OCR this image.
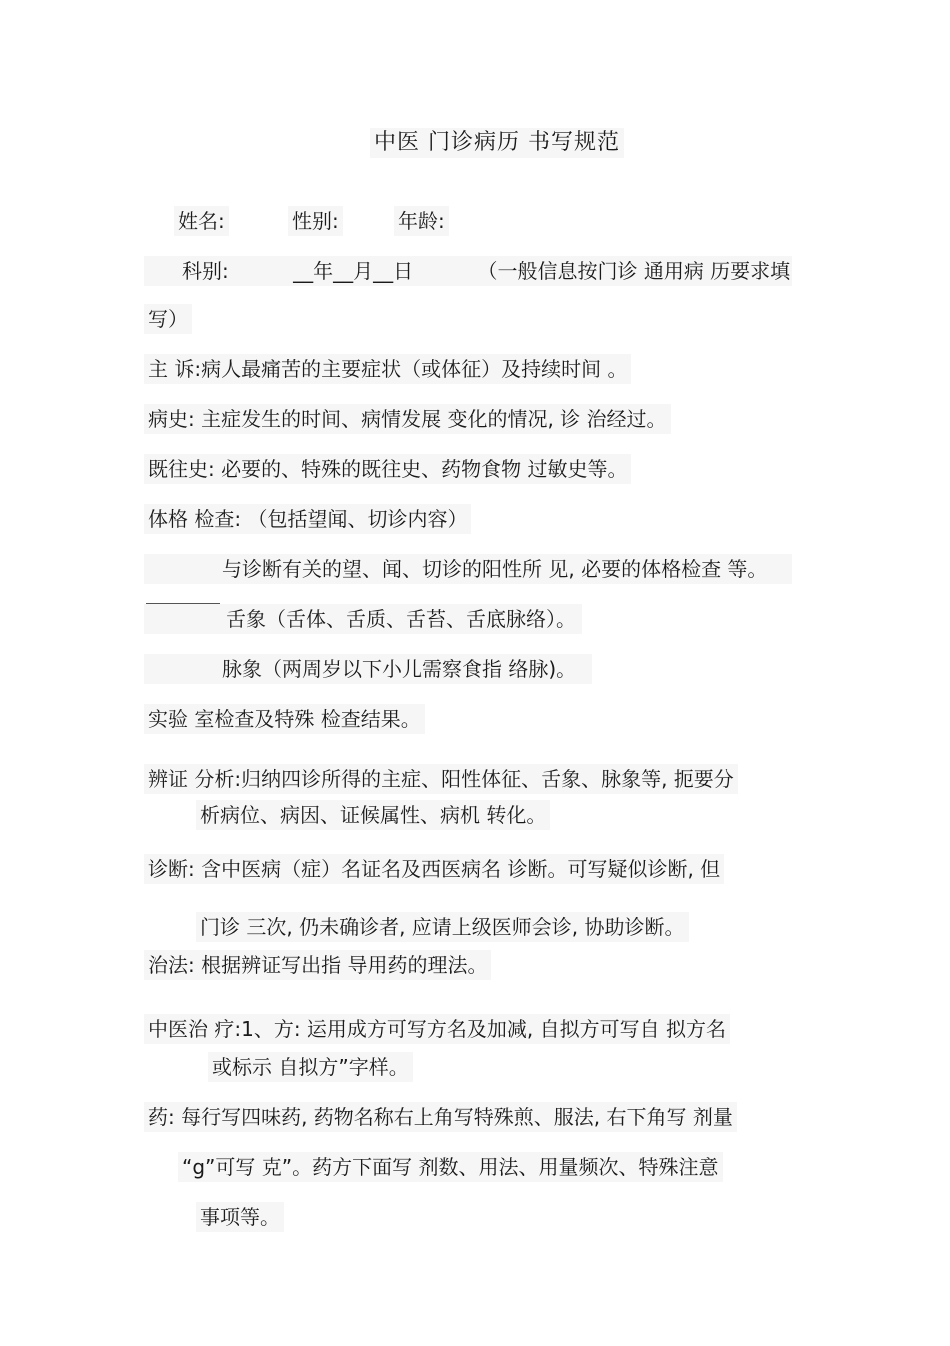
中医 门诊病历 书写规范
姓名:	性别:	年龄:
科别:	__年__月__日	（一般信息按门诊 通用病 历要求填
写）
主 诉:病人最痛苦的主要症状（或体征）及持续时间 。
病史: 主症发生的时间、病情发展 变化的情况, 诊 治经过。
既往史: 必要的、特殊的既往史、药物食物 过敏史等。
体格 检查: （包括望闻、切诊内容）
与诊断有关的望、闻、切诊的阳性所 见, 必要的体格检查 等。
舌象（舌体、舌质、舌苔、舌底脉络）。
脉象（两周岁以下小儿需察食指 络脉)。
实验 室检查及特殊 检查结果。
辨证 分析:归纳四诊所得的主症、阳性体征、舌象、脉象等, 扼要分
析病位、病因、证候属性、病机 转化。
诊断: 含中医病（症）名证名及西医病名 诊断。可写疑似诊断, 但
门诊 三次, 仍未确诊者, 应请上级医师会诊, 协助诊断。
治法: 根据辨证写出指 导用药的理法。
中医治 疗:1、方: 运用成方可写方名及加减, 自拟方可写自 拟方名
或标示 自拟方”字样。
药: 每行写四味药, 药物名称右上角写特殊煎、服法, 右下角写 剂量
“g”可写 克”。药方下面写 剂数、用法、用量频次、特殊注意
事项等。
